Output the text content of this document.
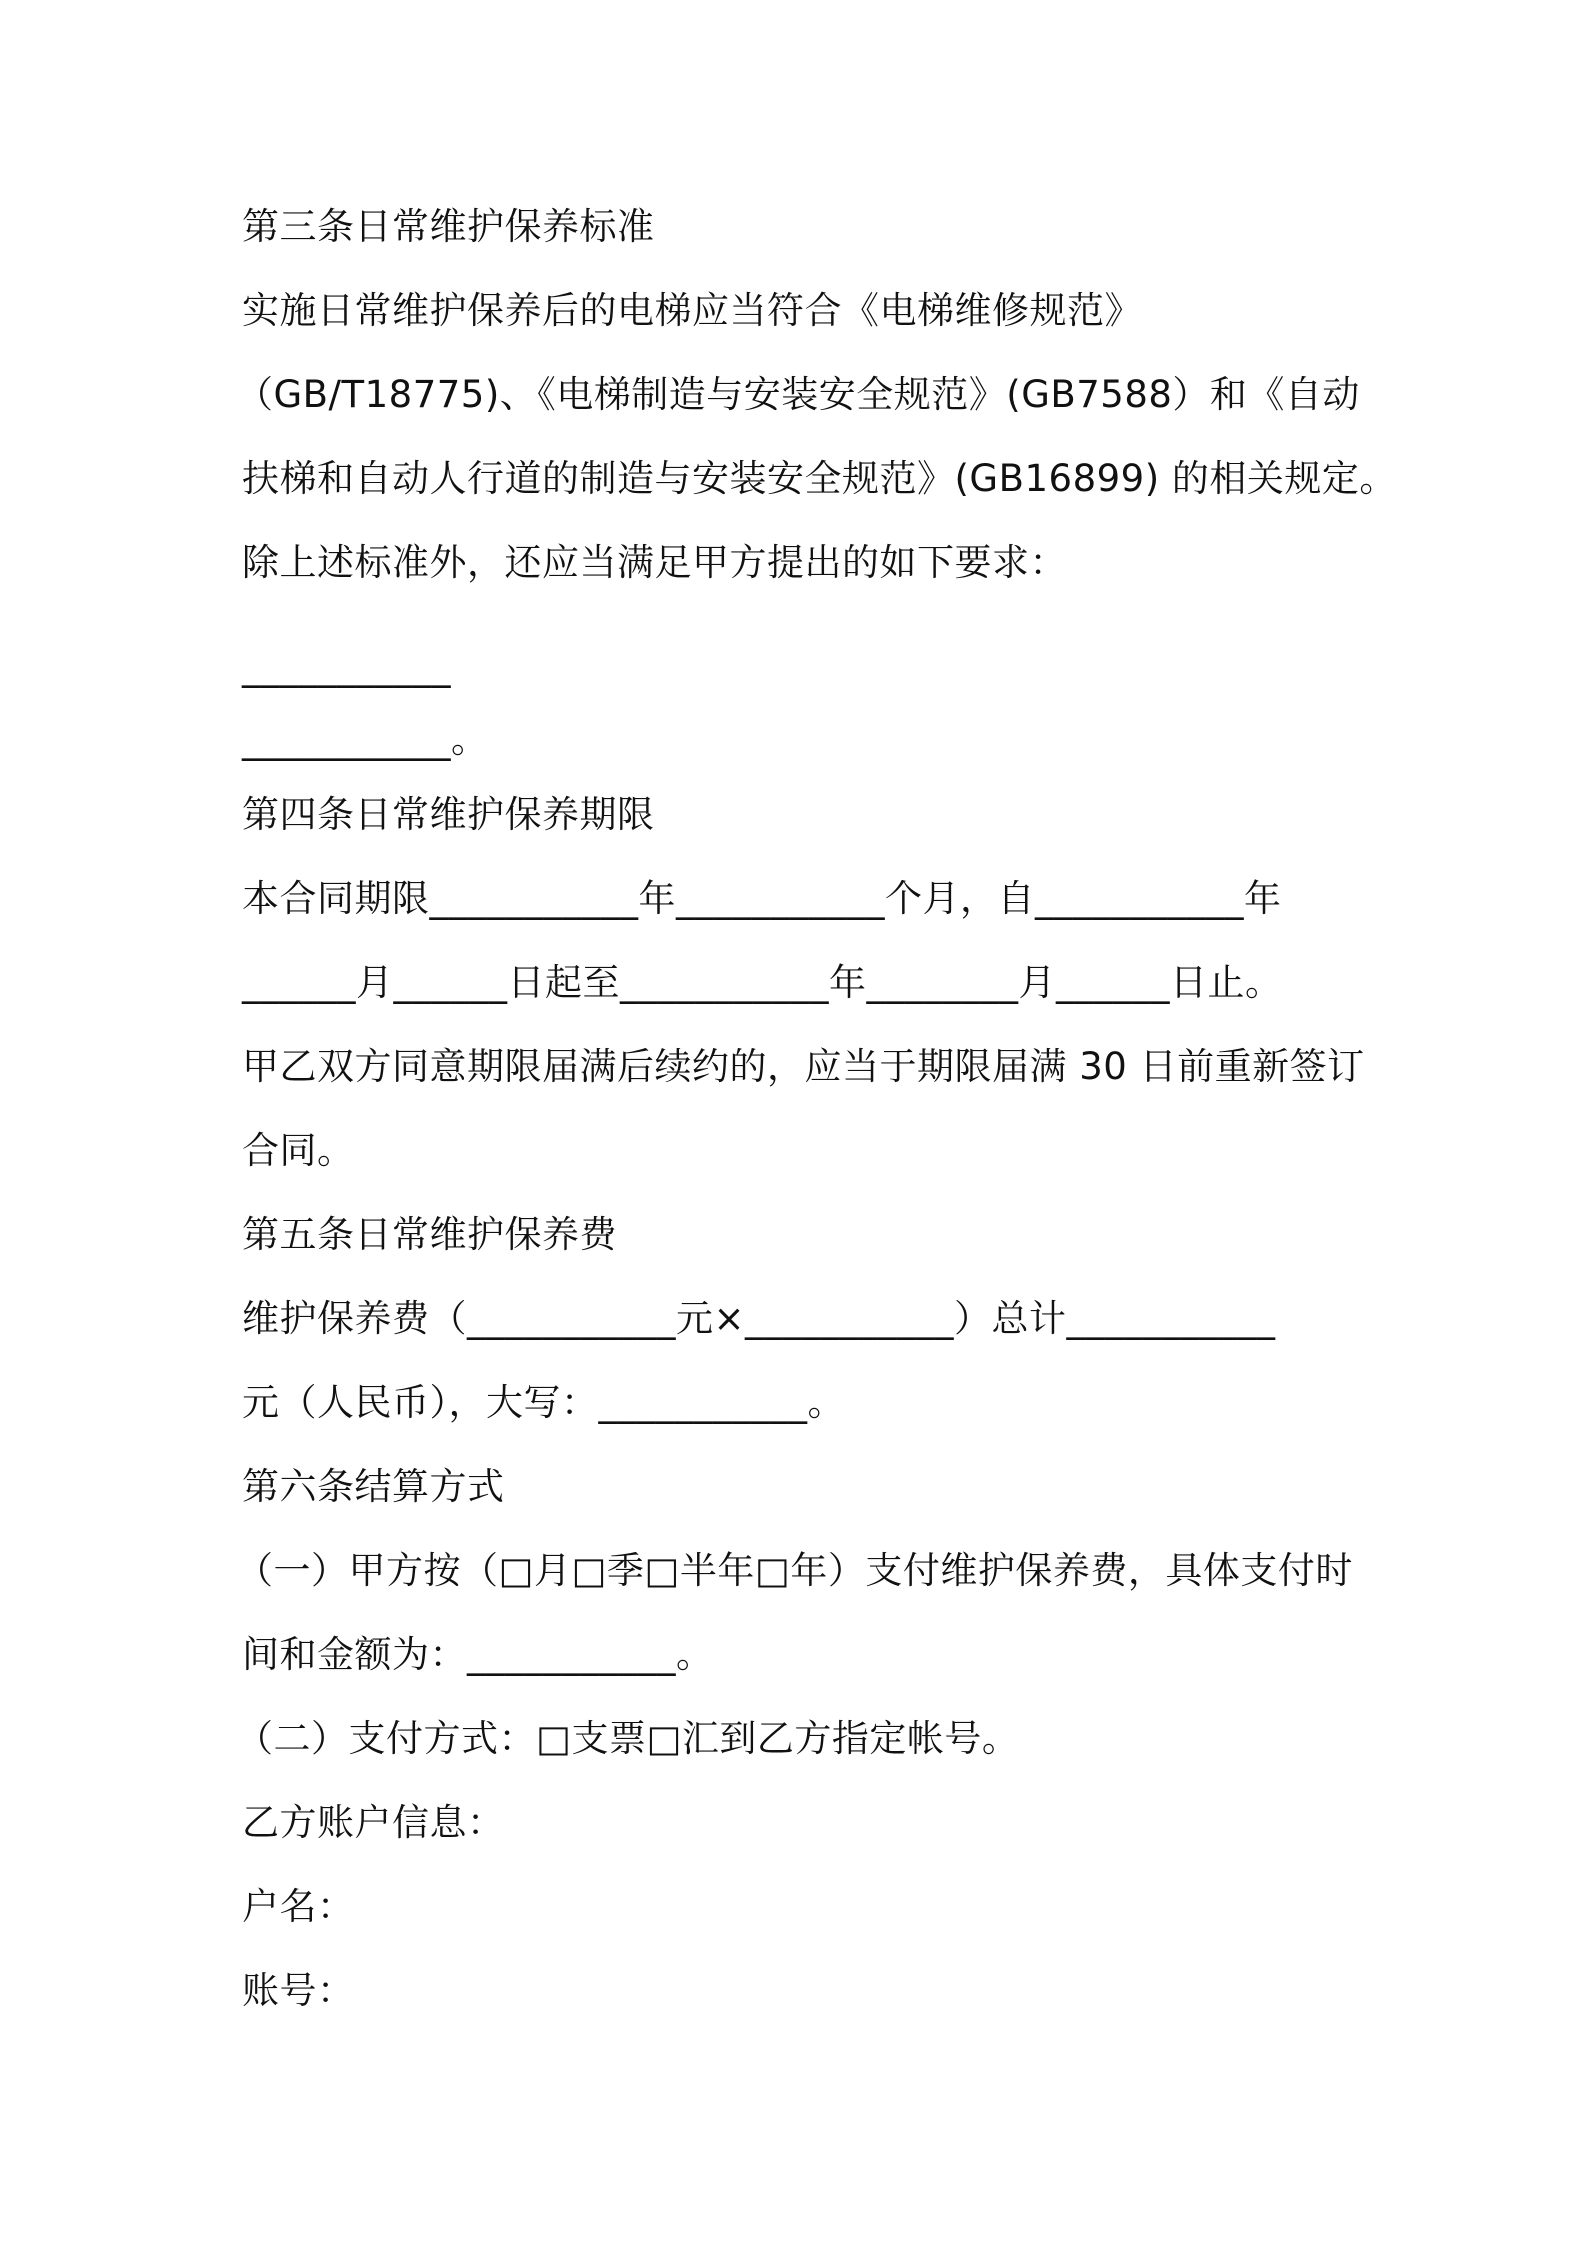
第三条日常维护保养标准
实施日常维护保养后的电梯应当符合《电梯维修规范》
（GB/T18775)、《电梯制造与安装安全规范》(GB7588）和《自动
扶梯和自动人行道的制造与安装安全规范》(GB16899) 的相关规定。
除上述标准外，还应当满足甲方提出的如下要求：
___________
___________。
第四条日常维护保养期限
本合同期限___________年___________个月，自___________年
______月______日起至___________年________月______日止。
甲乙双方同意期限届满后续约的，应当于期限届满 30 日前重新签订
合同。
第五条日常维护保养费
维护保养费（___________元×___________）总计___________
元（人民币），大写：___________。
第六条结算方式
（一）甲方按（□月□季□半年□年）支付维护保养费，具体支付时
间和金额为：___________。
（二）支付方式：□支票□汇到乙方指定帐号。
乙方账户信息：
户名：
账号：
